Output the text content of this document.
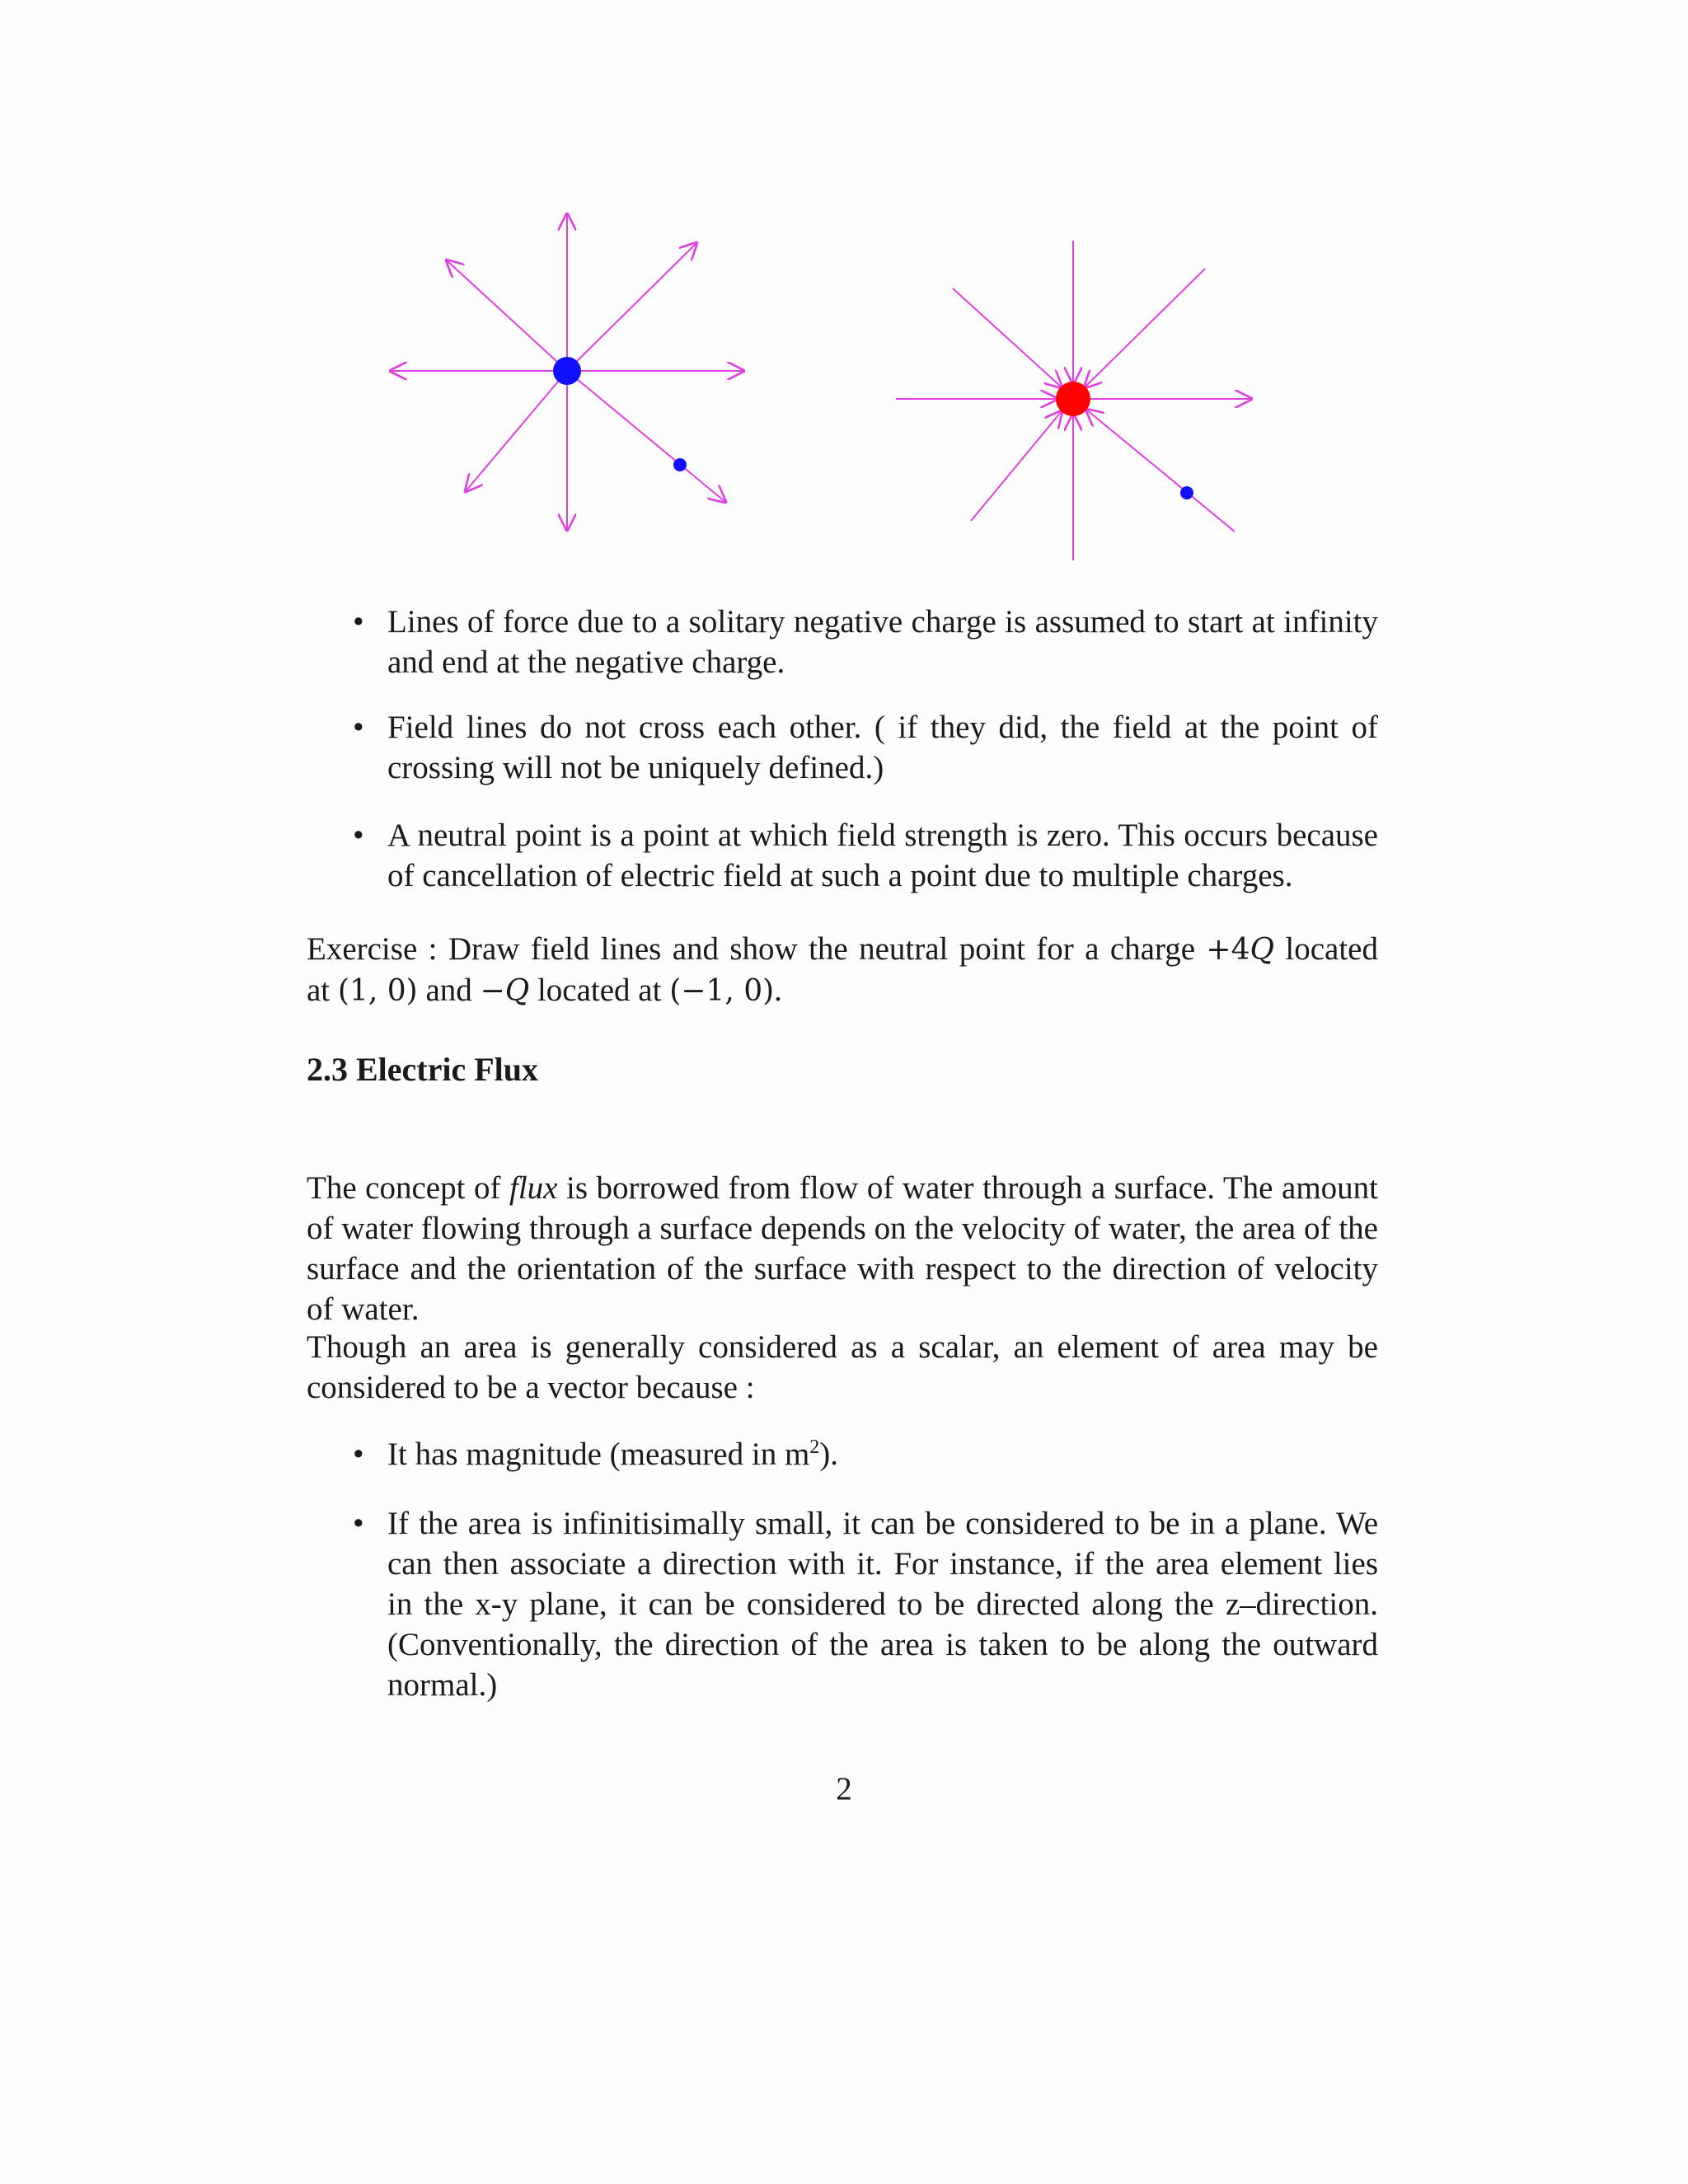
• Lines of force due to a solitary negative charge is assumed to start at infinity
and end at the negative charge.
• Field lines do not cross each other. ( if they did, the field at the point of
crossing will not be uniquely defined.)
• A neutral point is a point at which field strength is zero. This occurs because
of cancellation of electric field at such a point due to multiple charges.
Exercise : Draw field lines and show the neutral point for a charge +4Q located
at (1, 0) and −Q located at (−1, 0).
2.3 Electric Flux
The concept of flux is borrowed from flow of water through a surface. The amount
of water flowing through a surface depends on the velocity of water, the area of the
surface and the orientation of the surface with respect to the direction of velocity
of water.
Though an area is generally considered as a scalar, an element of area may be
considered to be a vector because :
• It has magnitude (measured in $m^2$).
• If the area is infinitisimally small, it can be considered to be in a plane. We
can then associate a direction with it. For instance, if the area element lies
in the x-y plane, it can be considered to be directed along the z–direction.
(Conventionally, the direction of the area is taken to be along the outward
normal.)
2
